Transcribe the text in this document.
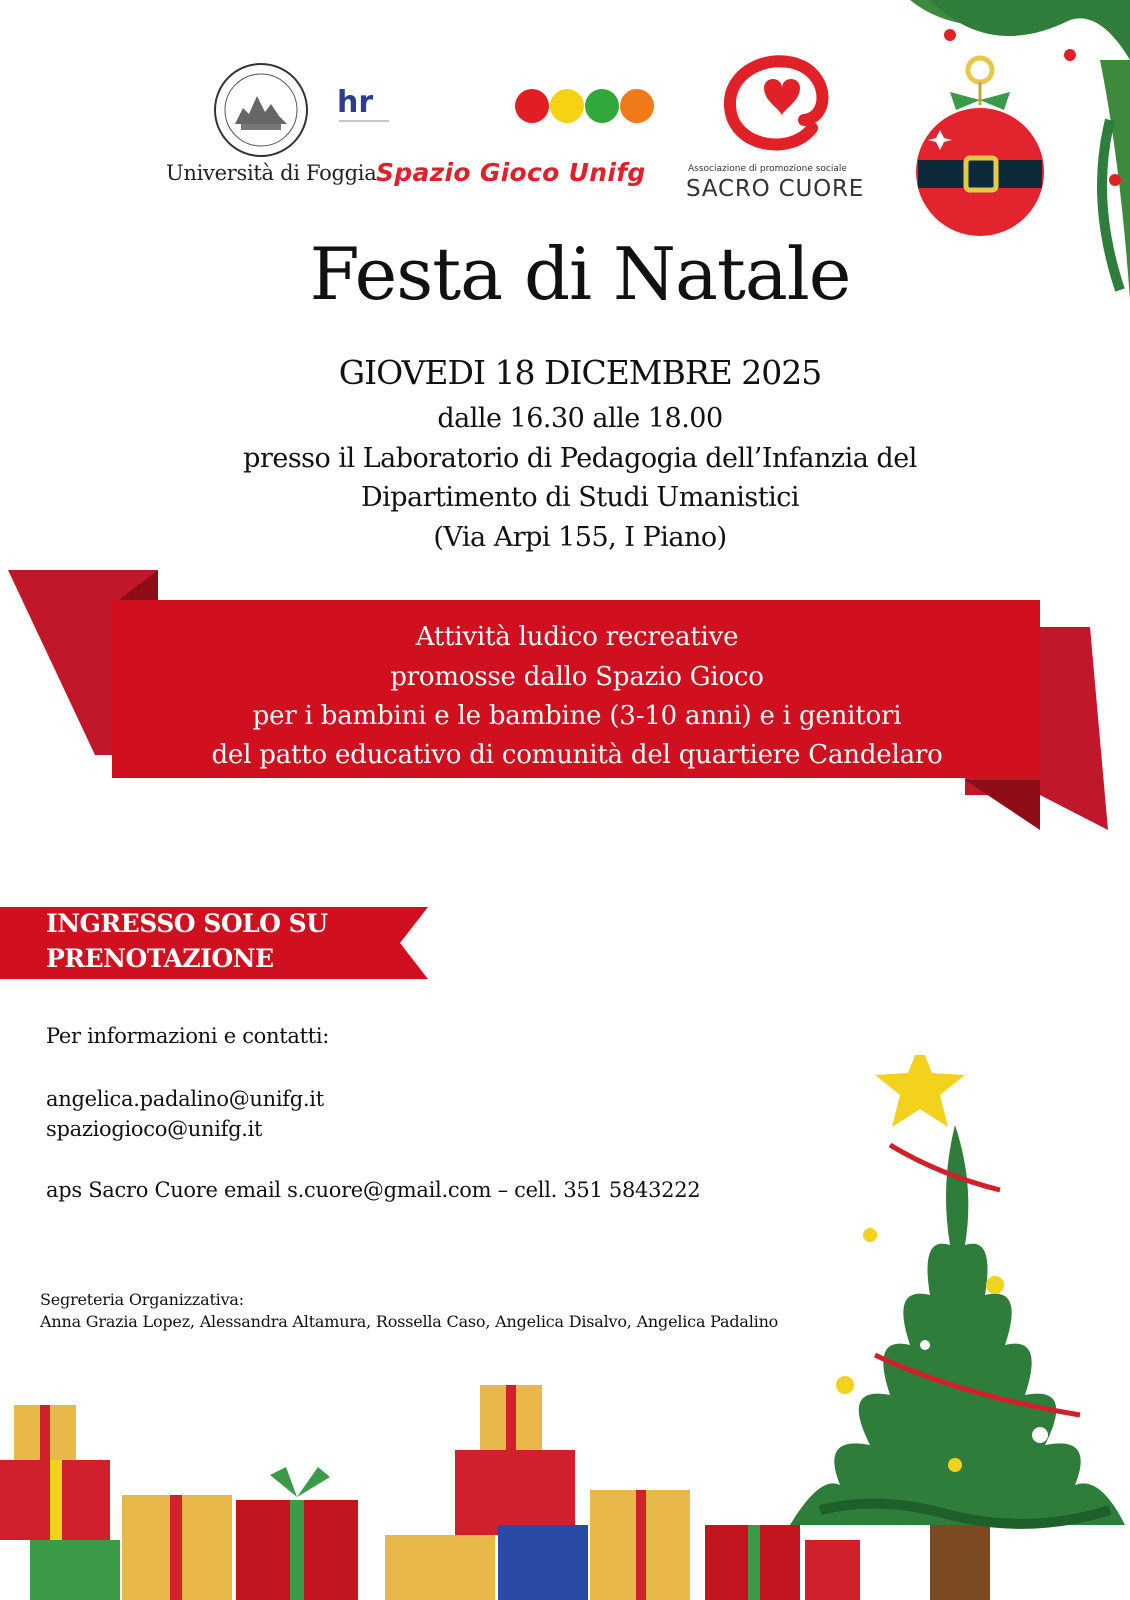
hr
Università di Foggia Spazio Gioco Unifg	Associazione di promozione sociale
SACRO CUORE
Festa di Natale
GIOVEDI 18 DICEMBRE 2025
dalle 16.30 alle 18.00
presso il Laboratorio di Pedagogia dell’Infanzia del
Dipartimento di Studi Umanistici
(Via Arpi 155, I Piano)
Attività ludico recreative
promosse dallo Spazio Gioco
per i bambini e le bambine (3-10 anni) e i genitori
del patto educativo di comunità del quartiere Candelaro
INGRESSO SOLO SU
PRENOTAZIONE
Per informazioni e contatti:
angelica.padalino@unifg.it
spaziogioco@unifg.it
aps Sacro Cuore email s.cuore@gmail.com – cell. 351 5843222
Segreteria Organizzativa:
Anna Grazia Lopez, Alessandra Altamura, Rossella Caso, Angelica Disalvo, Angelica Padalino
